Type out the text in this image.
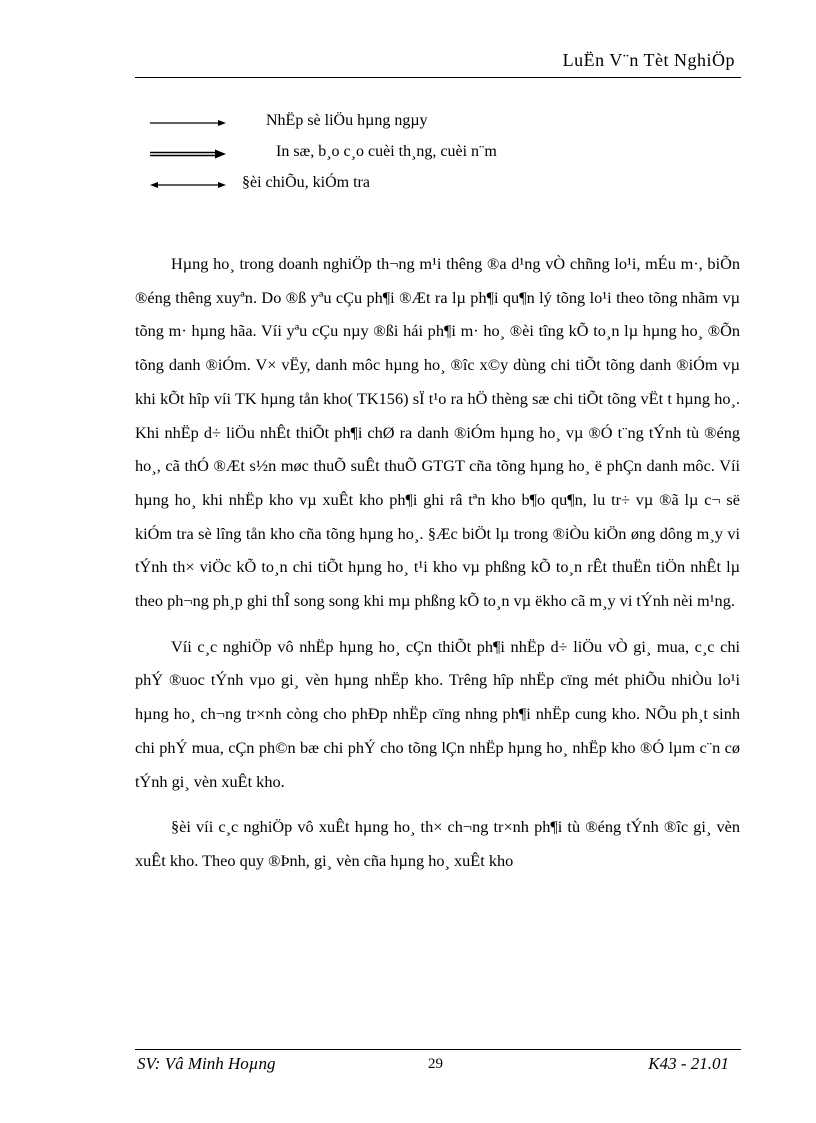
LuËn V¨n Tèt NghiÖp
NhËp sè liÖu hµng ngµy
In sæ, b¸o c¸o cuèi th¸ng, cuèi n¨m
§èi chiÕu, kiÓm tra

Hµng ho¸ trong doanh nghiÖp th¬ng m¹i thêng ®a d¹ng vÒ chñng lo¹i, mÉu m·, biÕn ®éng thêng xuyªn. Do ®ß yªu cÇu ph¶i ®Æt ra lµ ph¶i qu¶n lý tõng lo¹i theo tõng nhãm vµ tõng m· hµng hãa. Víi yªu cÇu nµy ®ßi hái ph¶i m· ho¸ ®èi tîng kÕ to¸n lµ hµng ho¸ ®Õn tõng danh ®iÓm. V× vËy, danh môc hµng ho¸ ®îc x©y dùng chi tiÕt tõng danh ®iÓm vµ khi kÕt hîp víi TK hµng tån kho( TK156) sÏ t¹o ra hÖ thèng sæ chi tiÕt tõng vËt t hµng ho¸. Khi nhËp d÷ liÖu nhÊt thiÕt ph¶i chØ ra danh ®iÓm hµng ho¸ vµ ®Ó t¨ng tÝnh tù ®éng ho¸, cã thÓ ®Æt s½n møc thuÕ suÊt thuÕ GTGT cña tõng hµng ho¸ ë phÇn danh môc. Víi hµng ho¸ khi nhËp kho vµ xuÊt kho ph¶i ghi râ tªn kho b¶o qu¶n, lu tr÷ vµ ®ã lµ c¬ së kiÓm tra sè lîng tån kho cña tõng hµng ho¸. §Æc biÖt lµ trong ®iÒu kiÖn øng dông m¸y vi tÝnh th× viÖc kÕ to¸n chi tiÕt hµng ho¸ t¹i kho vµ phßng kÕ to¸n rÊt thuËn tiÖn nhÊt lµ theo ph¬ng ph¸p ghi thÎ song song khi mµ phßng kÕ to¸n vµ ëkho cã m¸y vi tÝnh nèi m¹ng.

Víi c¸c nghiÖp vô nhËp hµng ho¸ cÇn thiÕt ph¶i nhËp d÷ liÖu vÒ gi¸ mua, c¸c chi phÝ ®uoc tÝnh vµo gi¸ vèn hµng nhËp kho. Trêng hîp nhËp cïng mét phiÕu nhiÒu lo¹i hµng ho¸ ch¬ng tr×nh còng cho phÐp nhËp cïng nhng ph¶i nhËp cung kho. NÕu ph¸t sinh chi phÝ mua, cÇn ph©n bæ chi phÝ cho tõng lÇn nhËp hµng ho¸ nhËp kho ®Ó lµm c¨n cø tÝnh gi¸ vèn xuÊt kho.

§èi víi c¸c nghiÖp vô xuÊt hµng ho¸ th× ch¬ng tr×nh ph¶i tù ®éng tÝnh ®îc gi¸ vèn xuÊt kho. Theo quy ®Þnh, gi¸ vèn cña hµng ho¸ xuÊt kho

SV: Vâ Minh Hoµng	29	K43 - 21.01
